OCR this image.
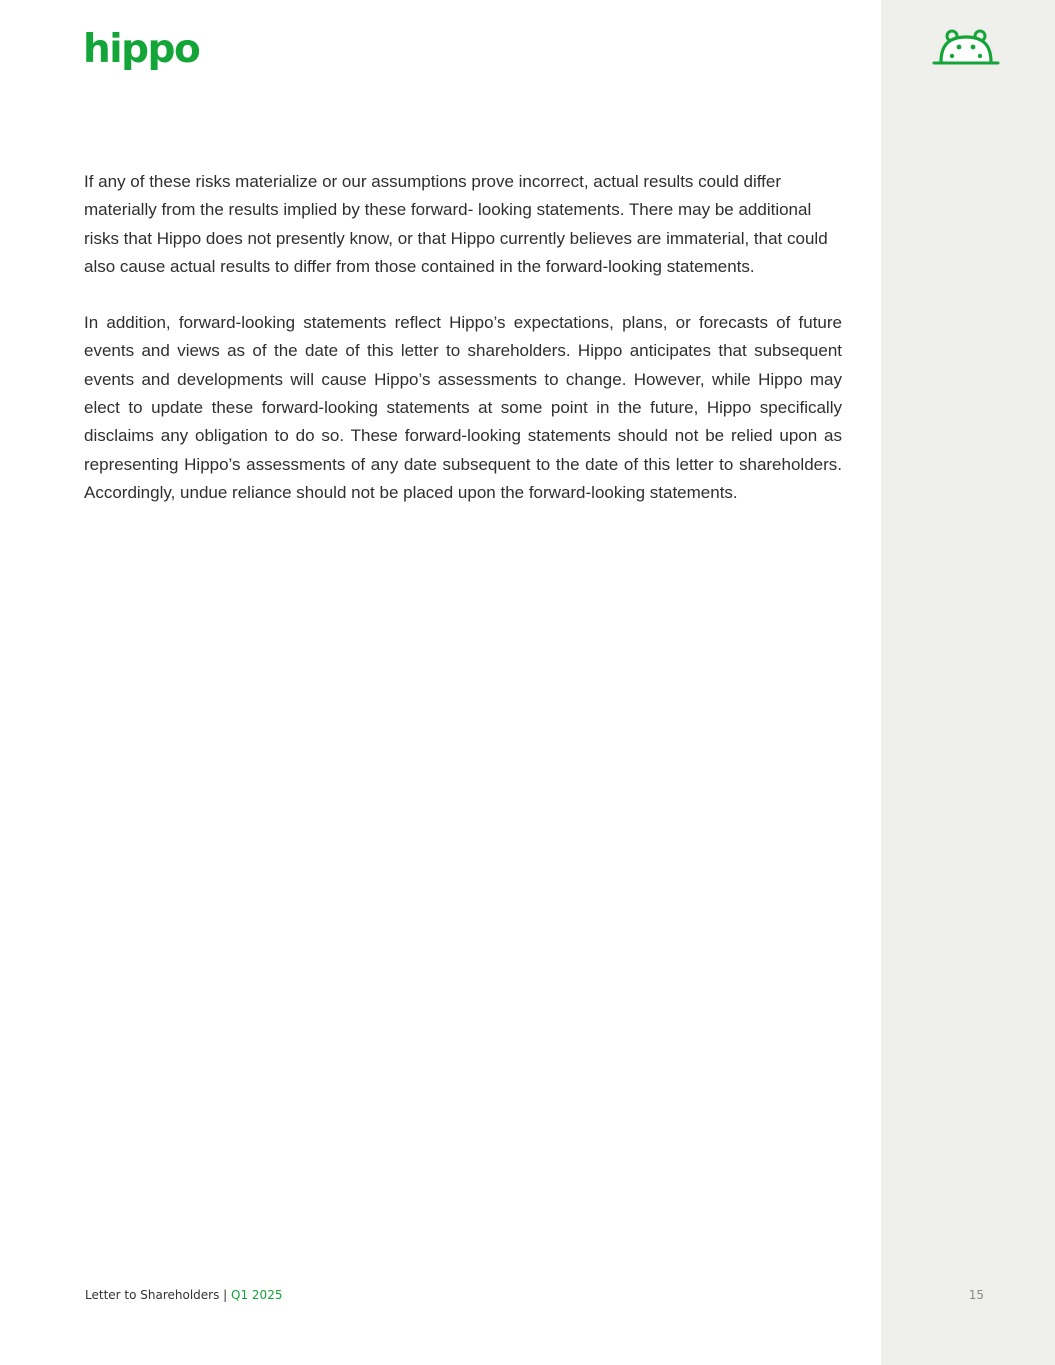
hippo

If any of these risks materialize or our assumptions prove incorrect, actual results could differ materially from the results implied by these forward- looking statements. There may be additional risks that Hippo does not presently know, or that Hippo currently believes are immaterial, that could also cause actual results to differ from those contained in the forward-looking statements.

In addition, forward-looking statements reflect Hippo’s expectations, plans, or forecasts of future events and views as of the date of this letter to shareholders. Hippo anticipates that subsequent events and developments will cause Hippo’s assessments to change. However, while Hippo may elect to update these forward-looking statements at some point in the future, Hippo specifically disclaims any obligation to do so. These forward-looking statements should not be relied upon as representing Hippo’s assessments of any date subsequent to the date of this letter to shareholders. Accordingly, undue reliance should not be placed upon the forward-looking statements.

Letter to Shareholders | Q1 2025	15
